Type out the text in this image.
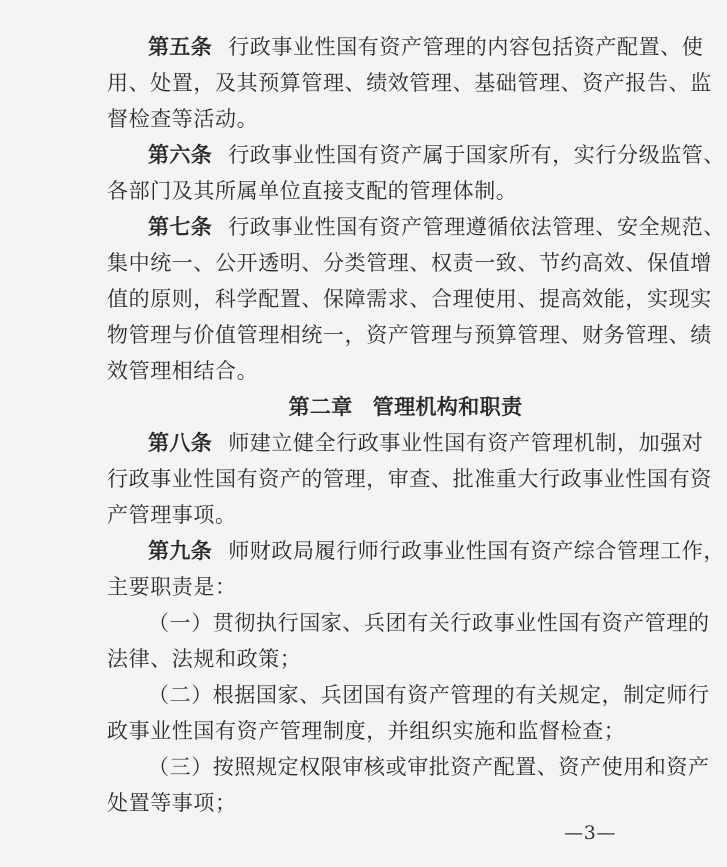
第五条 行政事业性国有资产管理的内容包括资产配置、使
用、处置，及其预算管理、绩效管理、基础管理、资产报告、监
督检查等活动。
第六条 行政事业性国有资产属于国家所有，实行分级监管、
各部门及其所属单位直接支配的管理体制。
第七条 行政事业性国有资产管理遵循依法管理、安全规范、
集中统一、公开透明、分类管理、权责一致、节约高效、保值增
值的原则，科学配置、保障需求、合理使用、提高效能，实现实
物管理与价值管理相统一，资产管理与预算管理、财务管理、绩
效管理相结合。
第二章 管理机构和职责
第八条 师建立健全行政事业性国有资产管理机制，加强对
行政事业性国有资产的管理，审查、批准重大行政事业性国有资
产管理事项。
第九条 师财政局履行师行政事业性国有资产综合管理工作，
主要职责是：
（一）贯彻执行国家、兵团有关行政事业性国有资产管理的
法律、法规和政策；
（二）根据国家、兵团国有资产管理的有关规定，制定师行
政事业性国有资产管理制度，并组织实施和监督检查；
（三）按照规定权限审核或审批资产配置、资产使用和资产
处置等事项；
—3—
